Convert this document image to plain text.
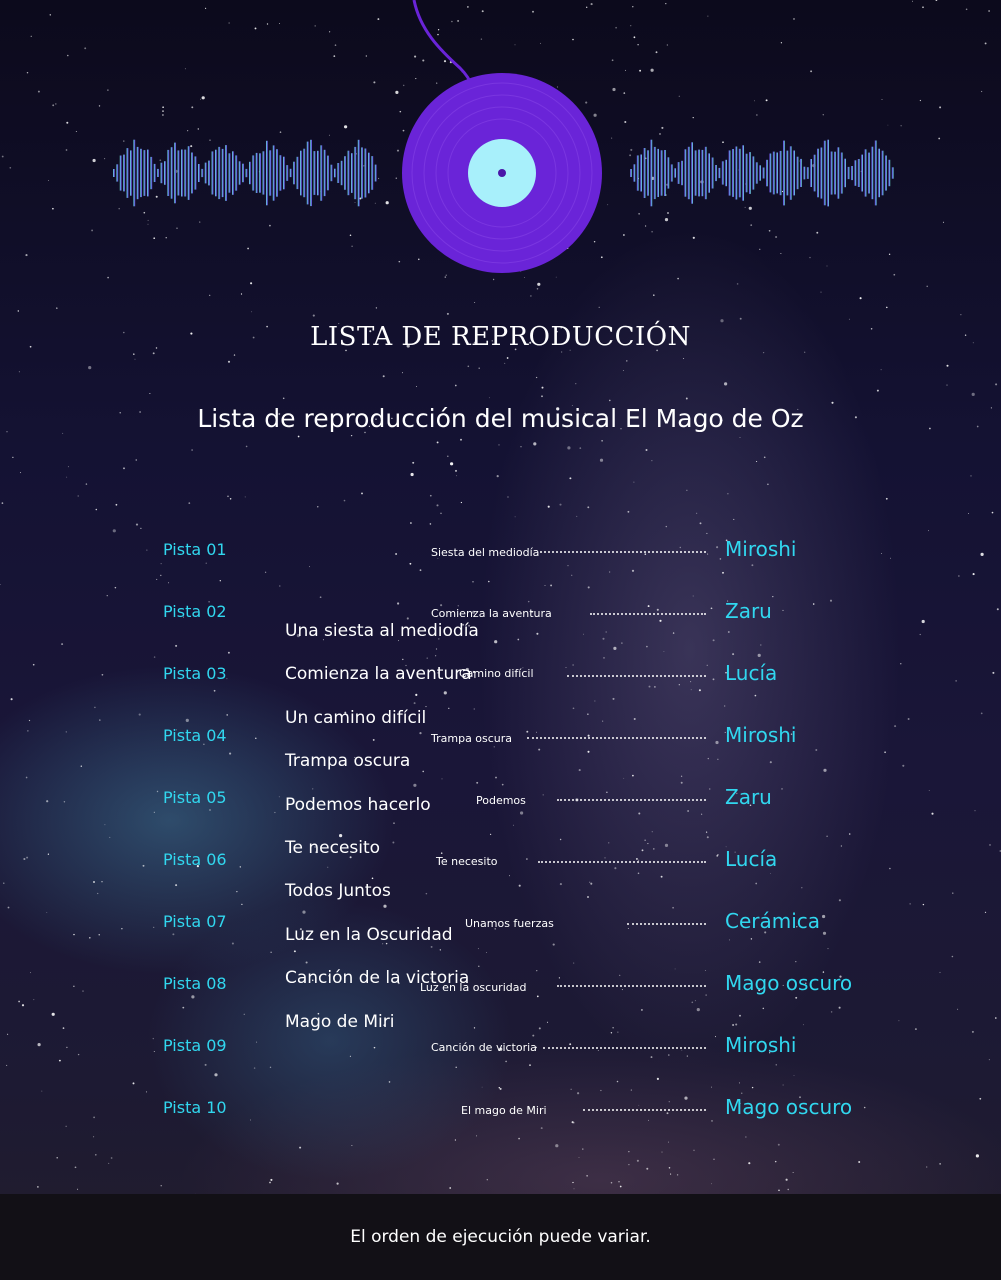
LISTA DE REPRODUCCIÓN
Lista de reproducción del musical El Mago de Oz
Pista 01	Siesta del mediodía	Miroshi
Pista 02	Comienza la aventura	Zaru
Pista 03	Camino difícil	Lucía
Pista 04	Trampa oscura	Miroshi
Pista 05	Podemos	Zaru
Pista 06	Te necesito	Lucía
Pista 07	Unamos fuerzas	Cerámica
Pista 08	Luz en la oscuridad	Mago oscuro
Pista 09	Canción de victoria	Miroshi
Pista 10	El mago de Miri	Mago oscuro
Una siesta al mediodía
Comienza la aventura
Un camino difícil
Trampa oscura
Podemos hacerlo
Te necesito
Todos Juntos
Luz en la Oscuridad
Canción de la victoria
Mago de Miri
El orden de ejecución puede variar.
